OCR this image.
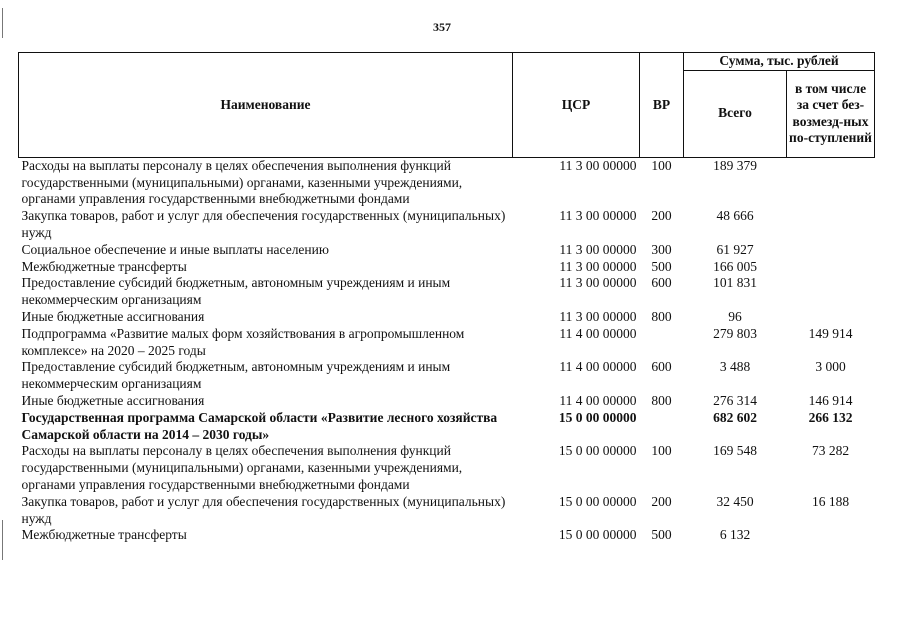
357
Наименование	ЦСР	ВР	Сумма, тыс. рублей	
			Всего	в том числе за счет без-возмезд-ных по-ступлений
Расходы на выплаты персоналу в целях обеспечения выполнения функций государственными (муниципальными) органами, казенными учреждениями, органами управления государственными внебюджетными фондами	11 3 00 00000	100	189 379	
Закупка товаров, работ и услуг для обеспечения государственных (муниципальных) нужд	11 3 00 00000	200	48 666	
Социальное обеспечение и иные выплаты населению	11 3 00 00000	300	61 927	
Межбюджетные трансферты	11 3 00 00000	500	166 005	
Предоставление субсидий бюджетным, автономным учреждениям и иным некоммерческим организациям	11 3 00 00000	600	101 831	
Иные бюджетные ассигнования	11 3 00 00000	800	96	
Подпрограмма «Развитие малых форм хозяйствования в агропромышленном комплексе» на 2020 – 2025 годы	11 4 00 00000		279 803	149 914
Предоставление субсидий бюджетным, автономным учреждениям и иным некоммерческим организациям	11 4 00 00000	600	3 488	3 000
Иные бюджетные ассигнования	11 4 00 00000	800	276 314	146 914
Государственная программа Самарской области «Развитие лесного хозяйства Самарской области на 2014 – 2030 годы»	15 0 00 00000		682 602	266 132
Расходы на выплаты персоналу в целях обеспечения выполнения функций государственными (муниципальными) органами, казенными учреждениями, органами управления государственными внебюджетными фондами	15 0 00 00000	100	169 548	73 282
Закупка товаров, работ и услуг для обеспечения государственных (муниципальных) нужд	15 0 00 00000	200	32 450	16 188
Межбюджетные трансферты	15 0 00 00000	500	6 132	
